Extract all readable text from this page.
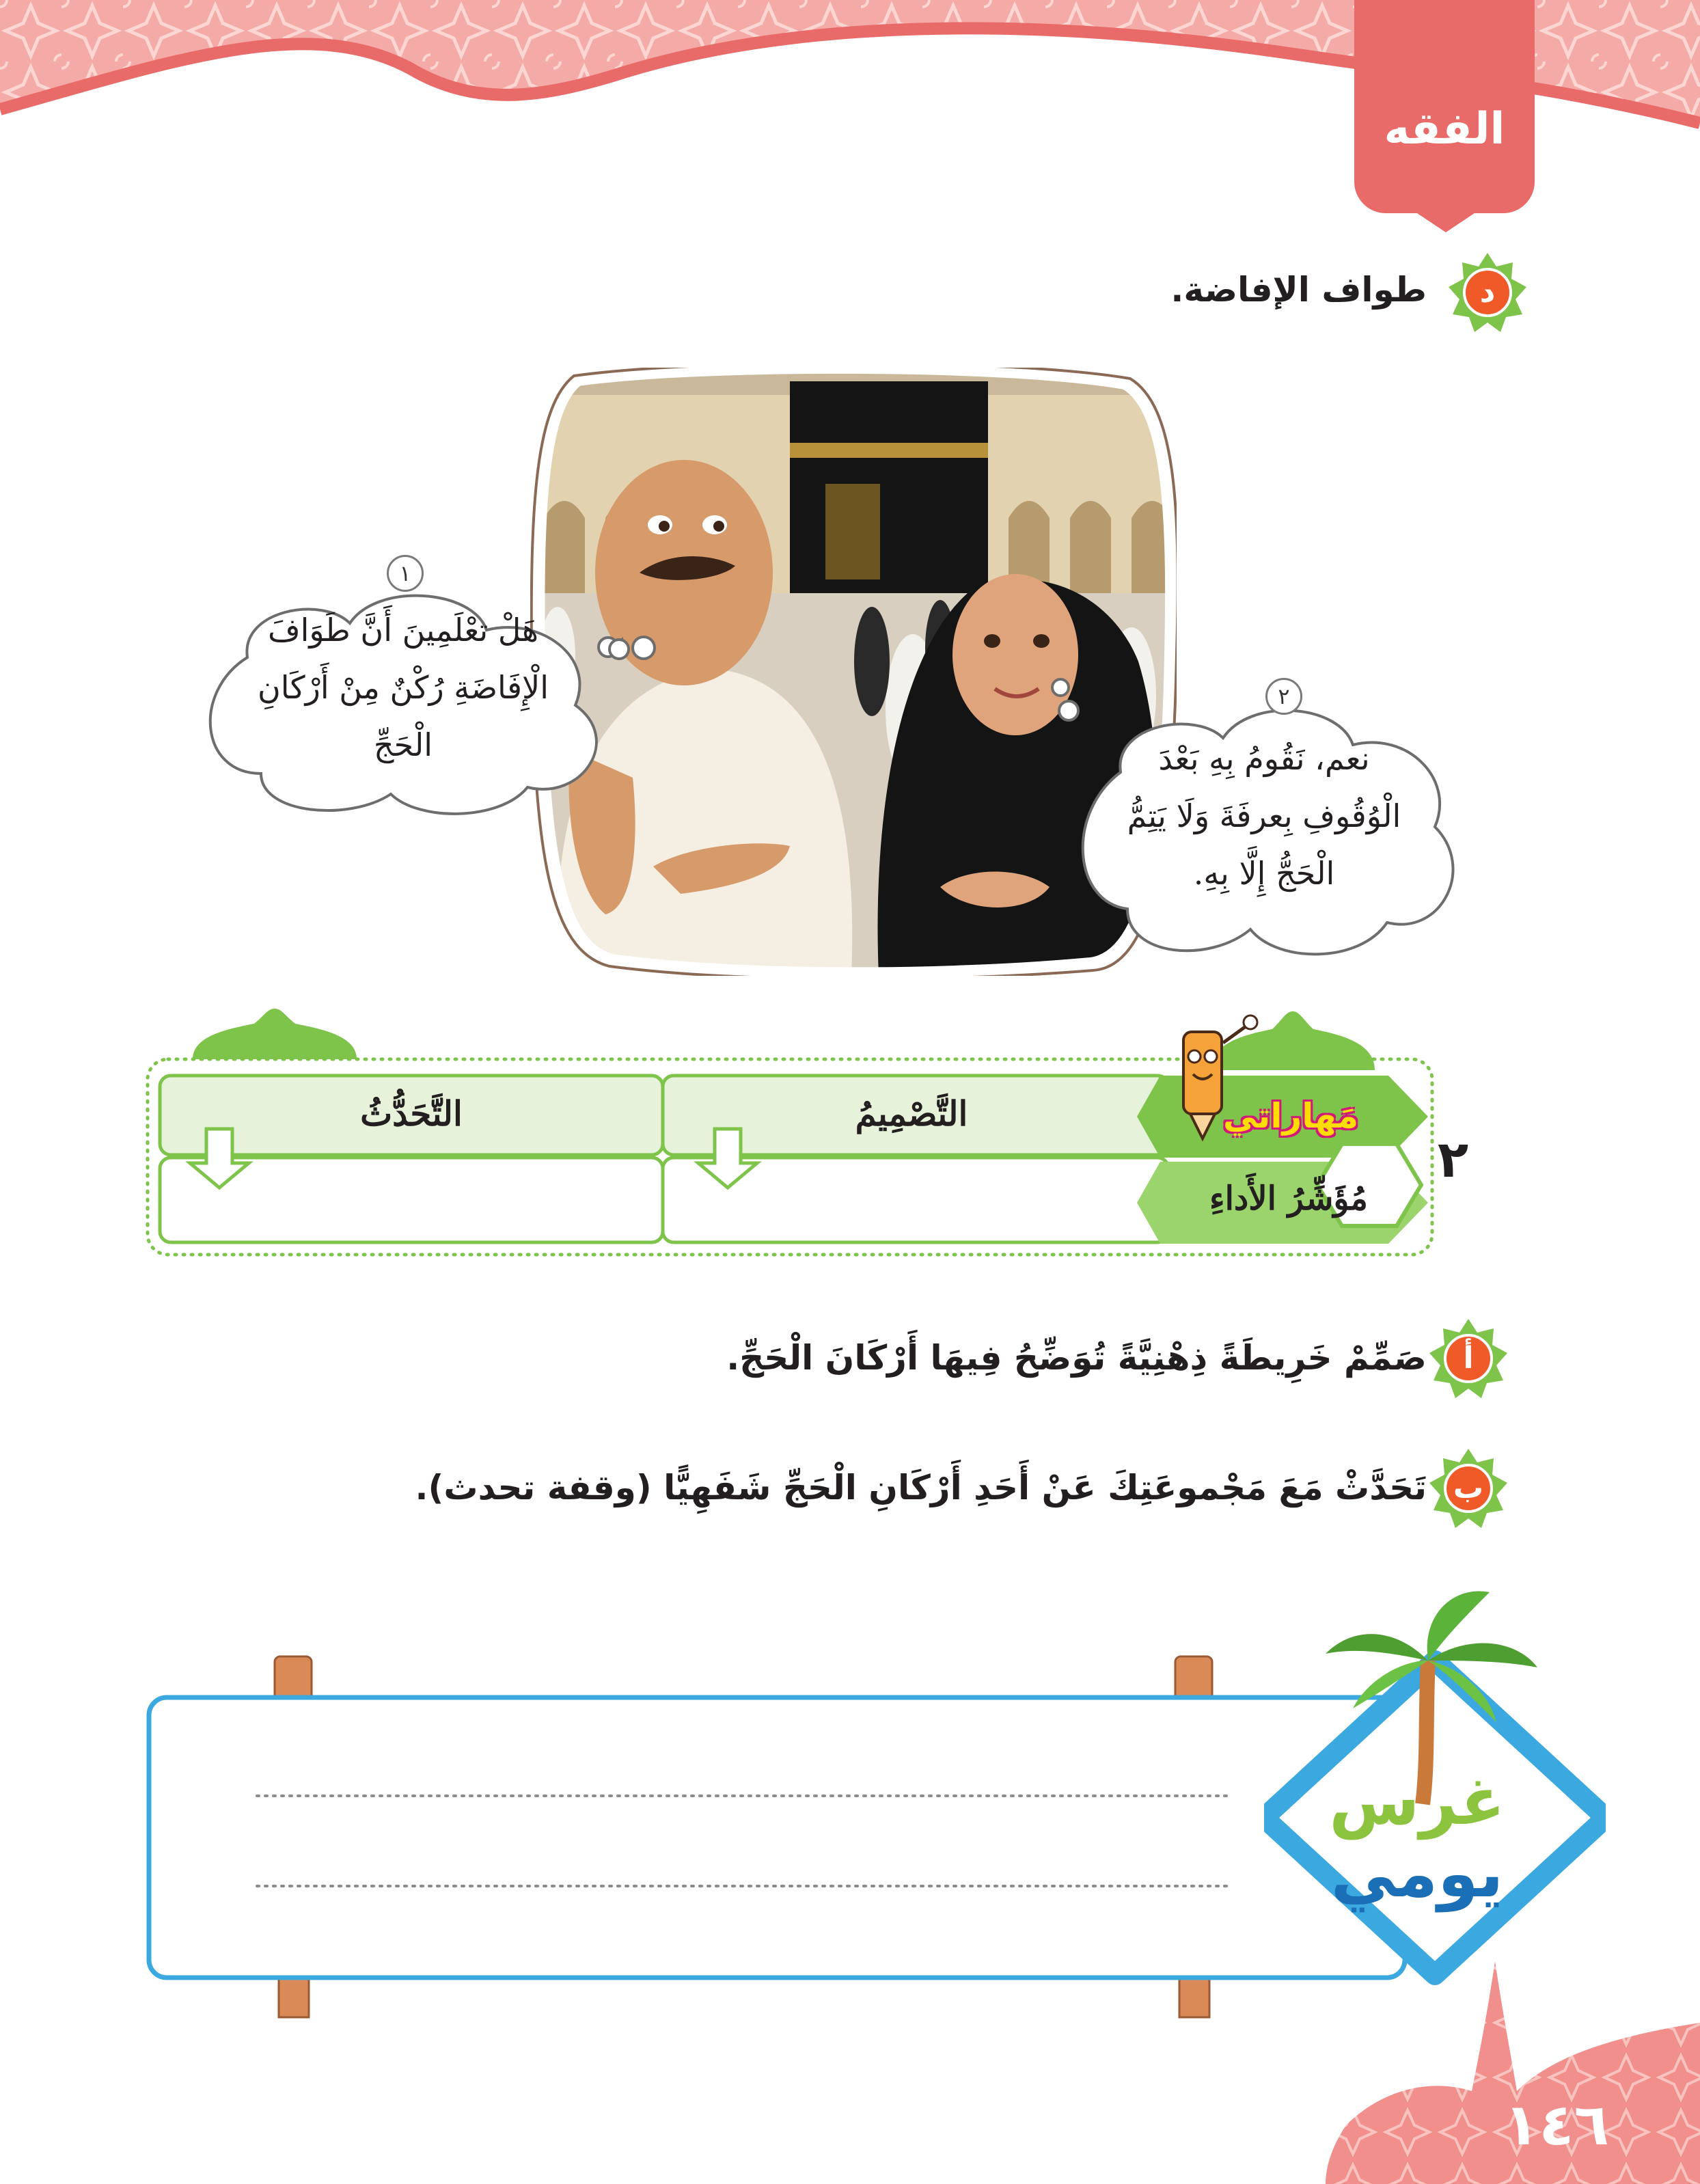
الفقه
د
طواف الإفاضة.
١
هَلْ تعْلَمِينَ أَنَّ طَوَافَ
الْإِفَاضَةِ رُكْنٌ مِنْ أَرْكَانِ
الْحَجِّ
٢
نعم، نَقُومُ بِهِ بَعْدَ
الْوُقُوفِ بِعرفَةَ وَلَا يَتِمُّ
الْحَجُّ إِلَّا بِهِ.
التَّصْمِيمُ
التَّحَدُّثُ	مَهاراتي
مُؤَشِّرُ الأَداءِ
٢
أ
صَمِّمْ خَرِيطَةً ذِهْنِيَّةً تُوَضِّحُ فِيهَا أَرْكَانَ الْحَجِّ.
ب
تَحَدَّثْ مَعَ مَجْموعَتِكَ عَنْ أَحَدِ أَرْكَانِ الْحَجِّ شَفَهِيًّا (وقفة تحدث).
غرس
يومي
١٤٦
